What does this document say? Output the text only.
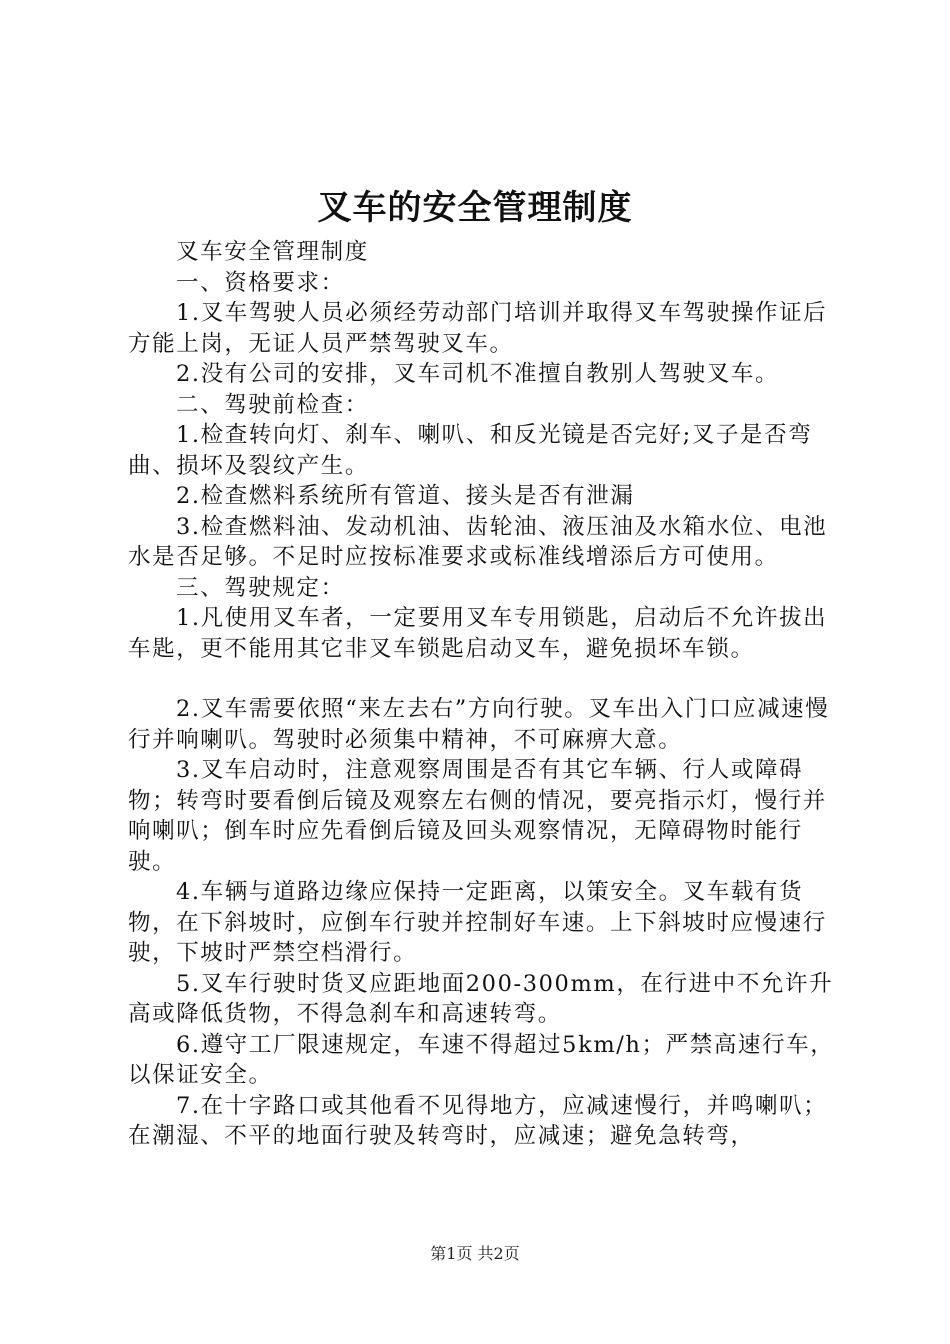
叉车的安全管理制度

叉车安全管理制度

一、资格要求：

1.叉车驾驶人员必须经劳动部门培训并取得叉车驾驶操作证后方能上岗，无证人员严禁驾驶叉车。

2.没有公司的安排，叉车司机不准擅自教别人驾驶叉车。

二、驾驶前检查：

1.检查转向灯、刹车、喇叭、和反光镜是否完好;叉子是否弯曲、损坏及裂纹产生。

2.检查燃料系统所有管道、接头是否有泄漏

3.检查燃料油、发动机油、齿轮油、液压油及水箱水位、电池水是否足够。不足时应按标准要求或标准线增添后方可使用。

三、驾驶规定：

1.凡使用叉车者，一定要用叉车专用锁匙，启动后不允许拔出车匙，更不能用其它非叉车锁匙启动叉车，避免损坏车锁。

2.叉车需要依照“来左去右”方向行驶。叉车出入门口应减速慢行并响喇叭。驾驶时必须集中精神，不可麻痹大意。

3.叉车启动时，注意观察周围是否有其它车辆、行人或障碍物；转弯时要看倒后镜及观察左右侧的情况，要亮指示灯，慢行并响喇叭；倒车时应先看倒后镜及回头观察情况，无障碍物时能行驶。

4.车辆与道路边缘应保持一定距离，以策安全。叉车载有货物，在下斜坡时，应倒车行驶并控制好车速。上下斜坡时应慢速行驶，下坡时严禁空档滑行。

5.叉车行驶时货叉应距地面200-300mm，在行进中不允许升高或降低货物，不得急刹车和高速转弯。

6.遵守工厂限速规定，车速不得超过5km/h；严禁高速行车，以保证安全。

7.在十字路口或其他看不见得地方，应减速慢行，并鸣喇叭；在潮湿、不平的地面行驶及转弯时，应减速；避免急转弯，

第1页 共2页
